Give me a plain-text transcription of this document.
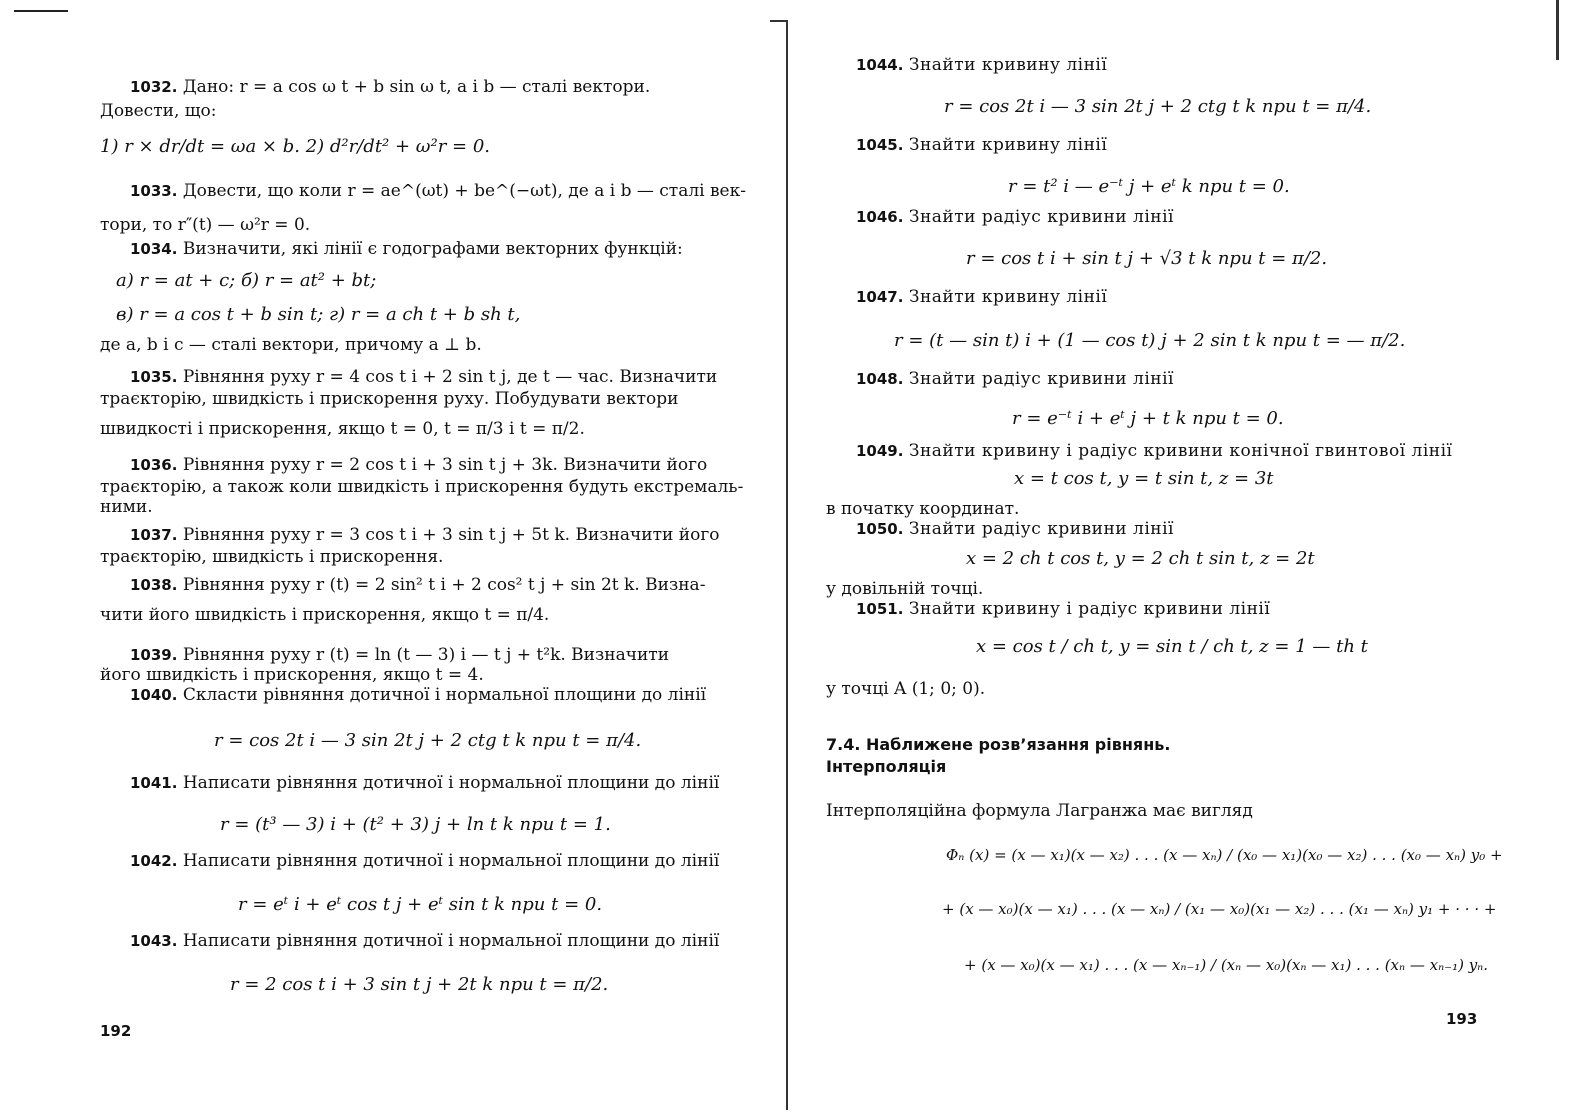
1032. Дано: r = a cos ω t + b sin ω t, a і b — сталі вектори.
Довести, що:
1) r × dr/dt = ωa × b. 2) d²r/dt² + ω²r = 0.
1033. Довести, що коли r = ae^(ωt) + be^(−ωt), де a і b — сталі век-
тори, то r″(t) — ω²r = 0.
1034. Визначити, які лінії є годографами векторних функцій:
а) r = at + c; б) r = at² + bt;
в) r = a cos t + b sin t; г) r = a ch t + b sh t,
де a, b і c — сталі вектори, причому a ⊥ b.
1035. Рівняння руху r = 4 cos t i + 2 sin t j, де t — час. Визначити
траєкторію, швидкість і прискорення руху. Побудувати вектори
швидкості і прискорення, якщо t = 0, t = π/3 і t = π/2.
1036. Рівняння руху r = 2 cos t i + 3 sin t j + 3k. Визначити його
траєкторію, а також коли швидкість і прискорення будуть екстремаль-
ними.
1037. Рівняння руху r = 3 cos t i + 3 sin t j + 5t k. Визначити його
траєкторію, швидкість і прискорення.
1038. Рівняння руху r (t) = 2 sin² t i + 2 cos² t j + sin 2t k. Визна-
чити його швидкість і прискорення, якщо t = π/4.
1039. Рівняння руху r (t) = ln (t — 3) i — t j + t²k. Визначити
його швидкість і прискорення, якщо t = 4.
1040. Скласти рівняння дотичної і нормальної площини до лінії
r = cos 2t i — 3 sin 2t j + 2 ctg t k при t = π/4.
1041. Написати рівняння дотичної і нормальної площини до лінії
r = (t³ — 3) i + (t² + 3) j + ln t k при t = 1.
1042. Написати рівняння дотичної і нормальної площини до лінії
r = eᵗ i + eᵗ cos t j + eᵗ sin t k при t = 0.
1043. Написати рівняння дотичної і нормальної площини до лінії
r = 2 cos t i + 3 sin t j + 2t k при t = π/2.
192
1044. Знайти кривину лінії
r = cos 2t i — 3 sin 2t j + 2 ctg t k при t = π/4.
1045. Знайти кривину лінії
r = t² i — e⁻ᵗ j + eᵗ k при t = 0.
1046. Знайти радіус кривини лінії
r = cos t i + sin t j + √3 t k при t = π/2.
1047. Знайти кривину лінії
r = (t — sin t) i + (1 — cos t) j + 2 sin t k при t = — π/2.
1048. Знайти радіус кривини лінії
r = e⁻ᵗ i + eᵗ j + t k при t = 0.
1049. Знайти кривину і радіус кривини конічної гвинтової лінії
x = t cos t, y = t sin t, z = 3t
в початку координат.
1050. Знайти радіус кривини лінії
x = 2 ch t cos t, y = 2 ch t sin t, z = 2t
у довільній точці.
1051. Знайти кривину і радіус кривини лінії
x = cos t / ch t, y = sin t / ch t, z = 1 — th t
у точці A (1; 0; 0).
7.4. Наближене розв’язання рівнянь.
Інтерполяція
Інтерполяційна формула Лагранжа має вигляд
Φₙ (x) = (x — x₁)(x — x₂) . . . (x — xₙ) / (x₀ — x₁)(x₀ — x₂) . . . (x₀ — xₙ) y₀ +
+ (x — x₀)(x — x₁) . . . (x — xₙ) / (x₁ — x₀)(x₁ — x₂) . . . (x₁ — xₙ) y₁ + · · · +
+ (x — x₀)(x — x₁) . . . (x — xₙ₋₁) / (xₙ — x₀)(xₙ — x₁) . . . (xₙ — xₙ₋₁) yₙ.
193
